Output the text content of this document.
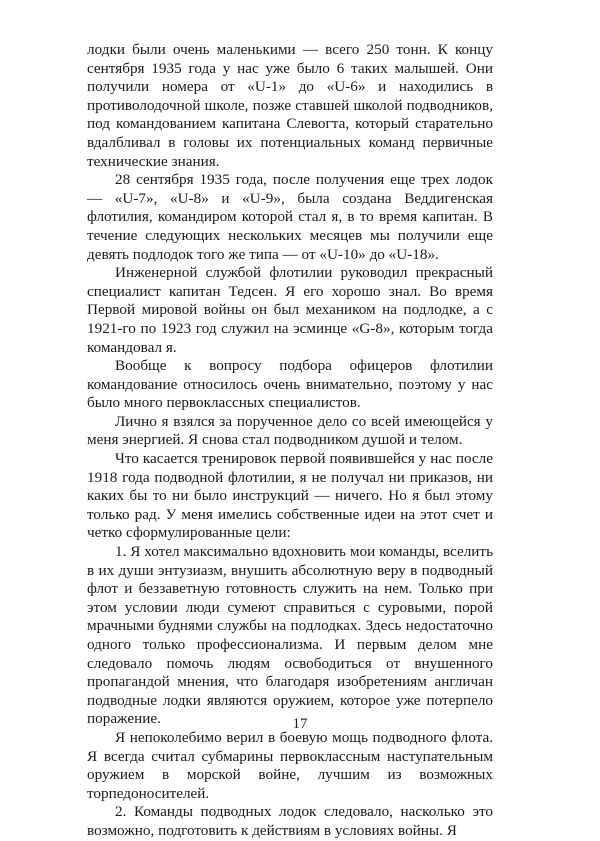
лодки были очень маленькими — всего 250 тонн. К концу сентября 1935 года у нас уже было 6 таких малышей. Они получили номера от «U-1» до «U-6» и находились в противолодочной школе, позже ставшей школой подводников, под командованием капитана Слевогта, который старательно вдалбливал в головы их потенциальных команд первичные технические знания.

28 сентября 1935 года, после получения еще трех лодок — «U-7», «U-8» и «U-9», была создана Веддигенская флотилия, командиром которой стал я, в то время капитан. В течение следующих нескольких месяцев мы получили еще девять подлодок того же типа — от «U-10» до «U-18».

Инженерной службой флотилии руководил прекрасный специалист капитан Тедсен. Я его хорошо знал. Во время Первой мировой войны он был механиком на подлодке, а с 1921-го по 1923 год служил на эсминце «G-8», которым тогда командовал я.

Вообще к вопросу подбора офицеров флотилии командование относилось очень внимательно, поэтому у нас было много первоклассных специалистов.

Лично я взялся за порученное дело со всей имеющейся у меня энергией. Я снова стал подводником душой и телом.

Что касается тренировок первой появившейся у нас после 1918 года подводной флотилии, я не получал ни приказов, ни каких бы то ни было инструкций — ничего. Но я был этому только рад. У меня имелись собственные идеи на этот счет и четко сформулированные цели:

1. Я хотел максимально вдохновить мои команды, вселить в их души энтузиазм, внушить абсолютную веру в подводный флот и беззаветную готовность служить на нем. Только при этом условии люди сумеют справиться с суровыми, порой мрачными буднями службы на подлодках. Здесь недостаточно одного только профессионализма. И первым делом мне следовало помочь людям освободиться от внушенного пропагандой мнения, что благодаря изобретениям англичан подводные лодки являются оружием, которое уже потерпело поражение.

Я непоколебимо верил в боевую мощь подводного флота. Я всегда считал субмарины первоклассным наступательным оружием в морской войне, лучшим из возможных торпедоносителей.

2. Команды подводных лодок следовало, насколько это возможно, подготовить к действиям в условиях войны. Я

17
